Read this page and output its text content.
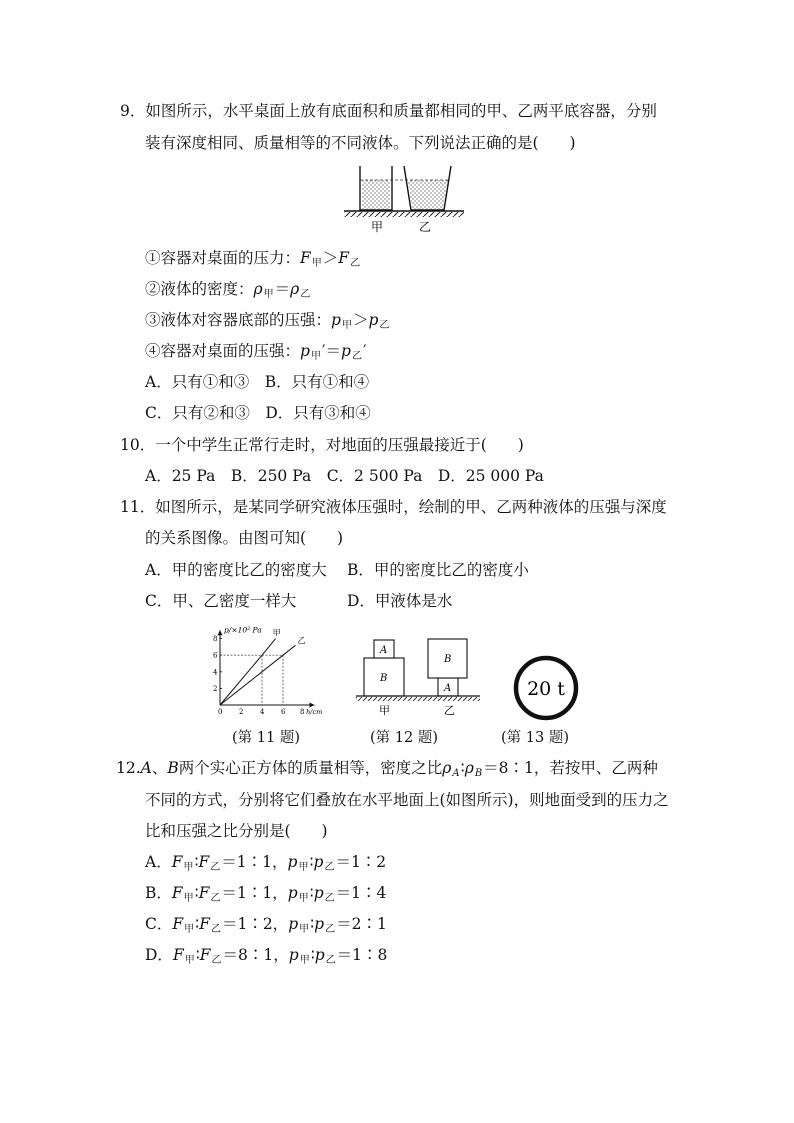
9．如图所示，水平桌面上放有底面积和质量都相同的甲、乙两平底容器，分别
装有深度相同、质量相等的不同液体。下列说法正确的是(　　)
甲	乙
①容器对桌面的压力：$F_甲>F_乙$
②液体的密度：$\rho_甲=\rho_乙$
③液体对容器底部的压强：$p_甲>p_乙$
④容器对桌面的压强：$p_甲'=p_乙'$
A．只有①和③　B．只有①和④
C．只有②和③　D．只有③和④
10．一个中学生正常行走时，对地面的压强最接近于(　　)
A．25 Pa　B．250 Pa　C．2 500 Pa　D．25 000 Pa
11．如图所示，是某同学研究液体压强时，绘制的甲、乙两种液体的压强与深度
的关系图像。由图可知(　　)
A．甲的密度比乙的密度大 B．甲的密度比乙的密度小
C．甲、乙密度一样大	D．甲液体是水
p/×10² Pa
h/cm
0 2 4 6 8
2
4
6
8
甲
乙
A
B
A
B
甲	乙
20 t
(第 11 题)	(第 12 题)	(第 13 题)
12.A、B两个实心正方体的质量相等，密度之比$\rho_A∶\rho_B=8∶1$，若按甲、乙两种
不同的方式，分别将它们叠放在水平地面上(如图所示)，则地面受到的压力之
比和压强之比分别是(　　)
A．$F_甲∶F_乙=1∶1$，$p_甲∶p_乙=1∶2$
B．$F_甲∶F_乙=1∶1$，$p_甲∶p_乙=1∶4$
C．$F_甲∶F_乙=1∶2$，$p_甲∶p_乙=2∶1$
D．$F_甲∶F_乙=8∶1$，$p_甲∶p_乙=1∶8$
